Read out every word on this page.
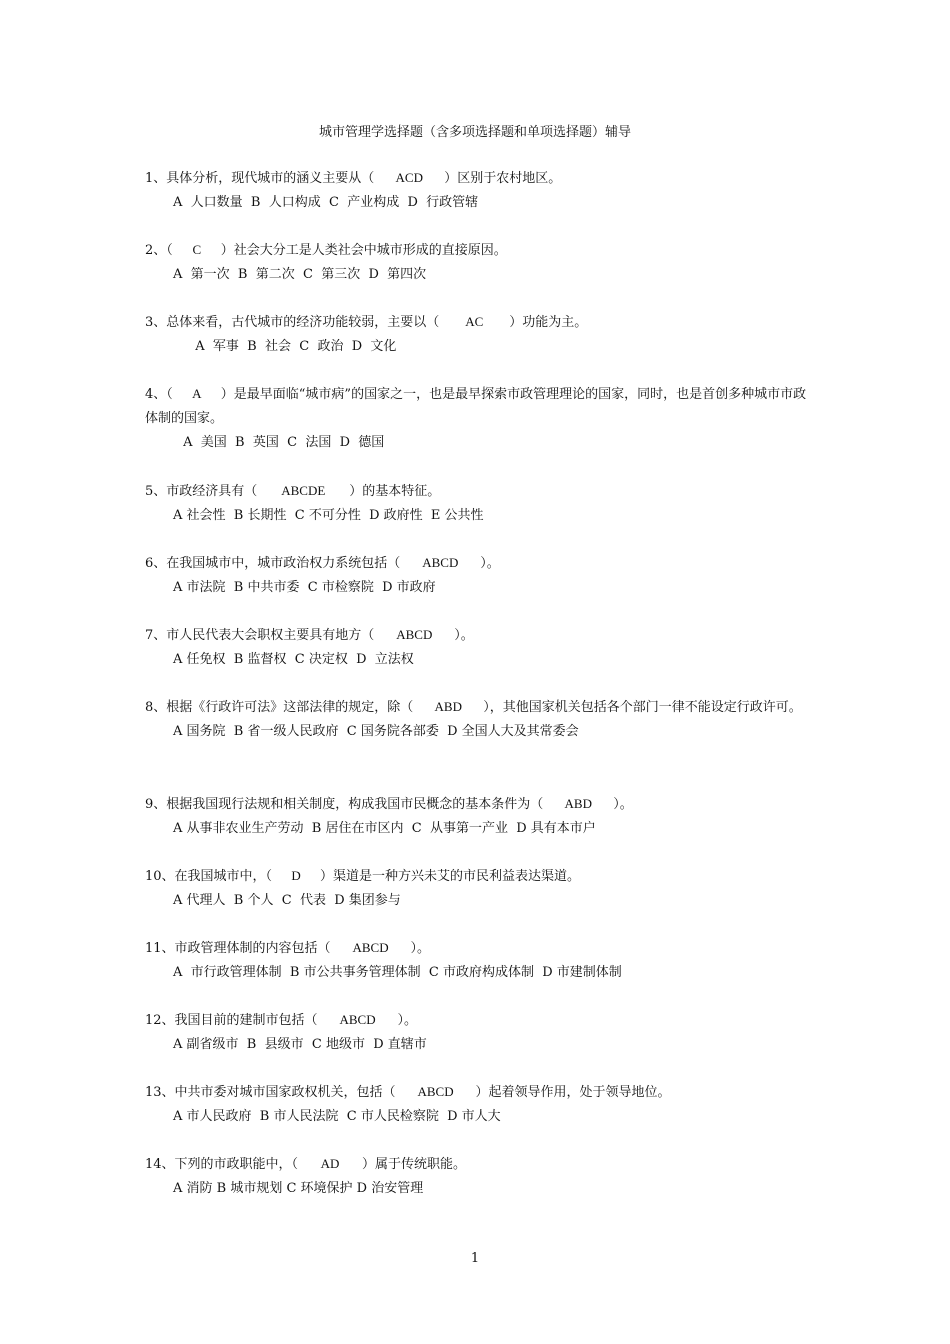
城市管理学选择题（含多项选择题和单项选择题）辅导
1、具体分析，现代城市的涵义主要从（ ACD ）区别于农村地区。
A  人口数量  B  人口构成  C  产业构成  D  行政管辖
2、（ C ）社会大分工是人类社会中城市形成的直接原因。
A  第一次  B  第二次  C  第三次  D  第四次
3、总体来看，古代城市的经济功能较弱，主要以（ AC ）功能为主。
A  军事  B  社会  C  政治  D  文化
4、（ A ）是最早面临“城市病”的国家之一，也是最早探索市政管理理论的国家，同时，也是首创多种城市市政体制的国家。
A  美国  B  英国  C  法国  D  德国
5、市政经济具有（ ABCDE ）的基本特征。
A 社会性  B 长期性  C 不可分性  D 政府性  E 公共性
6、在我国城市中，城市政治权力系统包括（ ABCD ）。
A 市法院  B 中共市委  C 市检察院  D 市政府
7、市人民代表大会职权主要具有地方（ ABCD ）。
A 任免权  B 监督权  C 决定权  D  立法权
8、根据《行政许可法》这部法律的规定，除（ ABD ），其他国家机关包括各个部门一律不能设定行政许可。
A 国务院  B 省一级人民政府  C 国务院各部委  D 全国人大及其常委会
9、根据我国现行法规和相关制度，构成我国市民概念的基本条件为（ ABD ）。
A 从事非农业生产劳动  B 居住在市区内  C  从事第一产业  D 具有本市户
10、在我国城市中，（ D ）渠道是一种方兴未艾的市民利益表达渠道。
A 代理人  B 个人  C  代表  D 集团参与
11、市政管理体制的内容包括（ ABCD ）。
A  市行政管理体制  B 市公共事务管理体制  C 市政府构成体制  D 市建制体制
12、我国目前的建制市包括（ ABCD ）。
A 副省级市  B  县级市  C 地级市  D 直辖市
13、中共市委对城市国家政权机关，包括（ ABCD ）起着领导作用，处于领导地位。
A 市人民政府  B 市人民法院  C 市人民检察院  D 市人大
14、下列的市政职能中，（ AD ）属于传统职能。
A 消防 B 城市规划 C 环境保护 D 治安管理
1
